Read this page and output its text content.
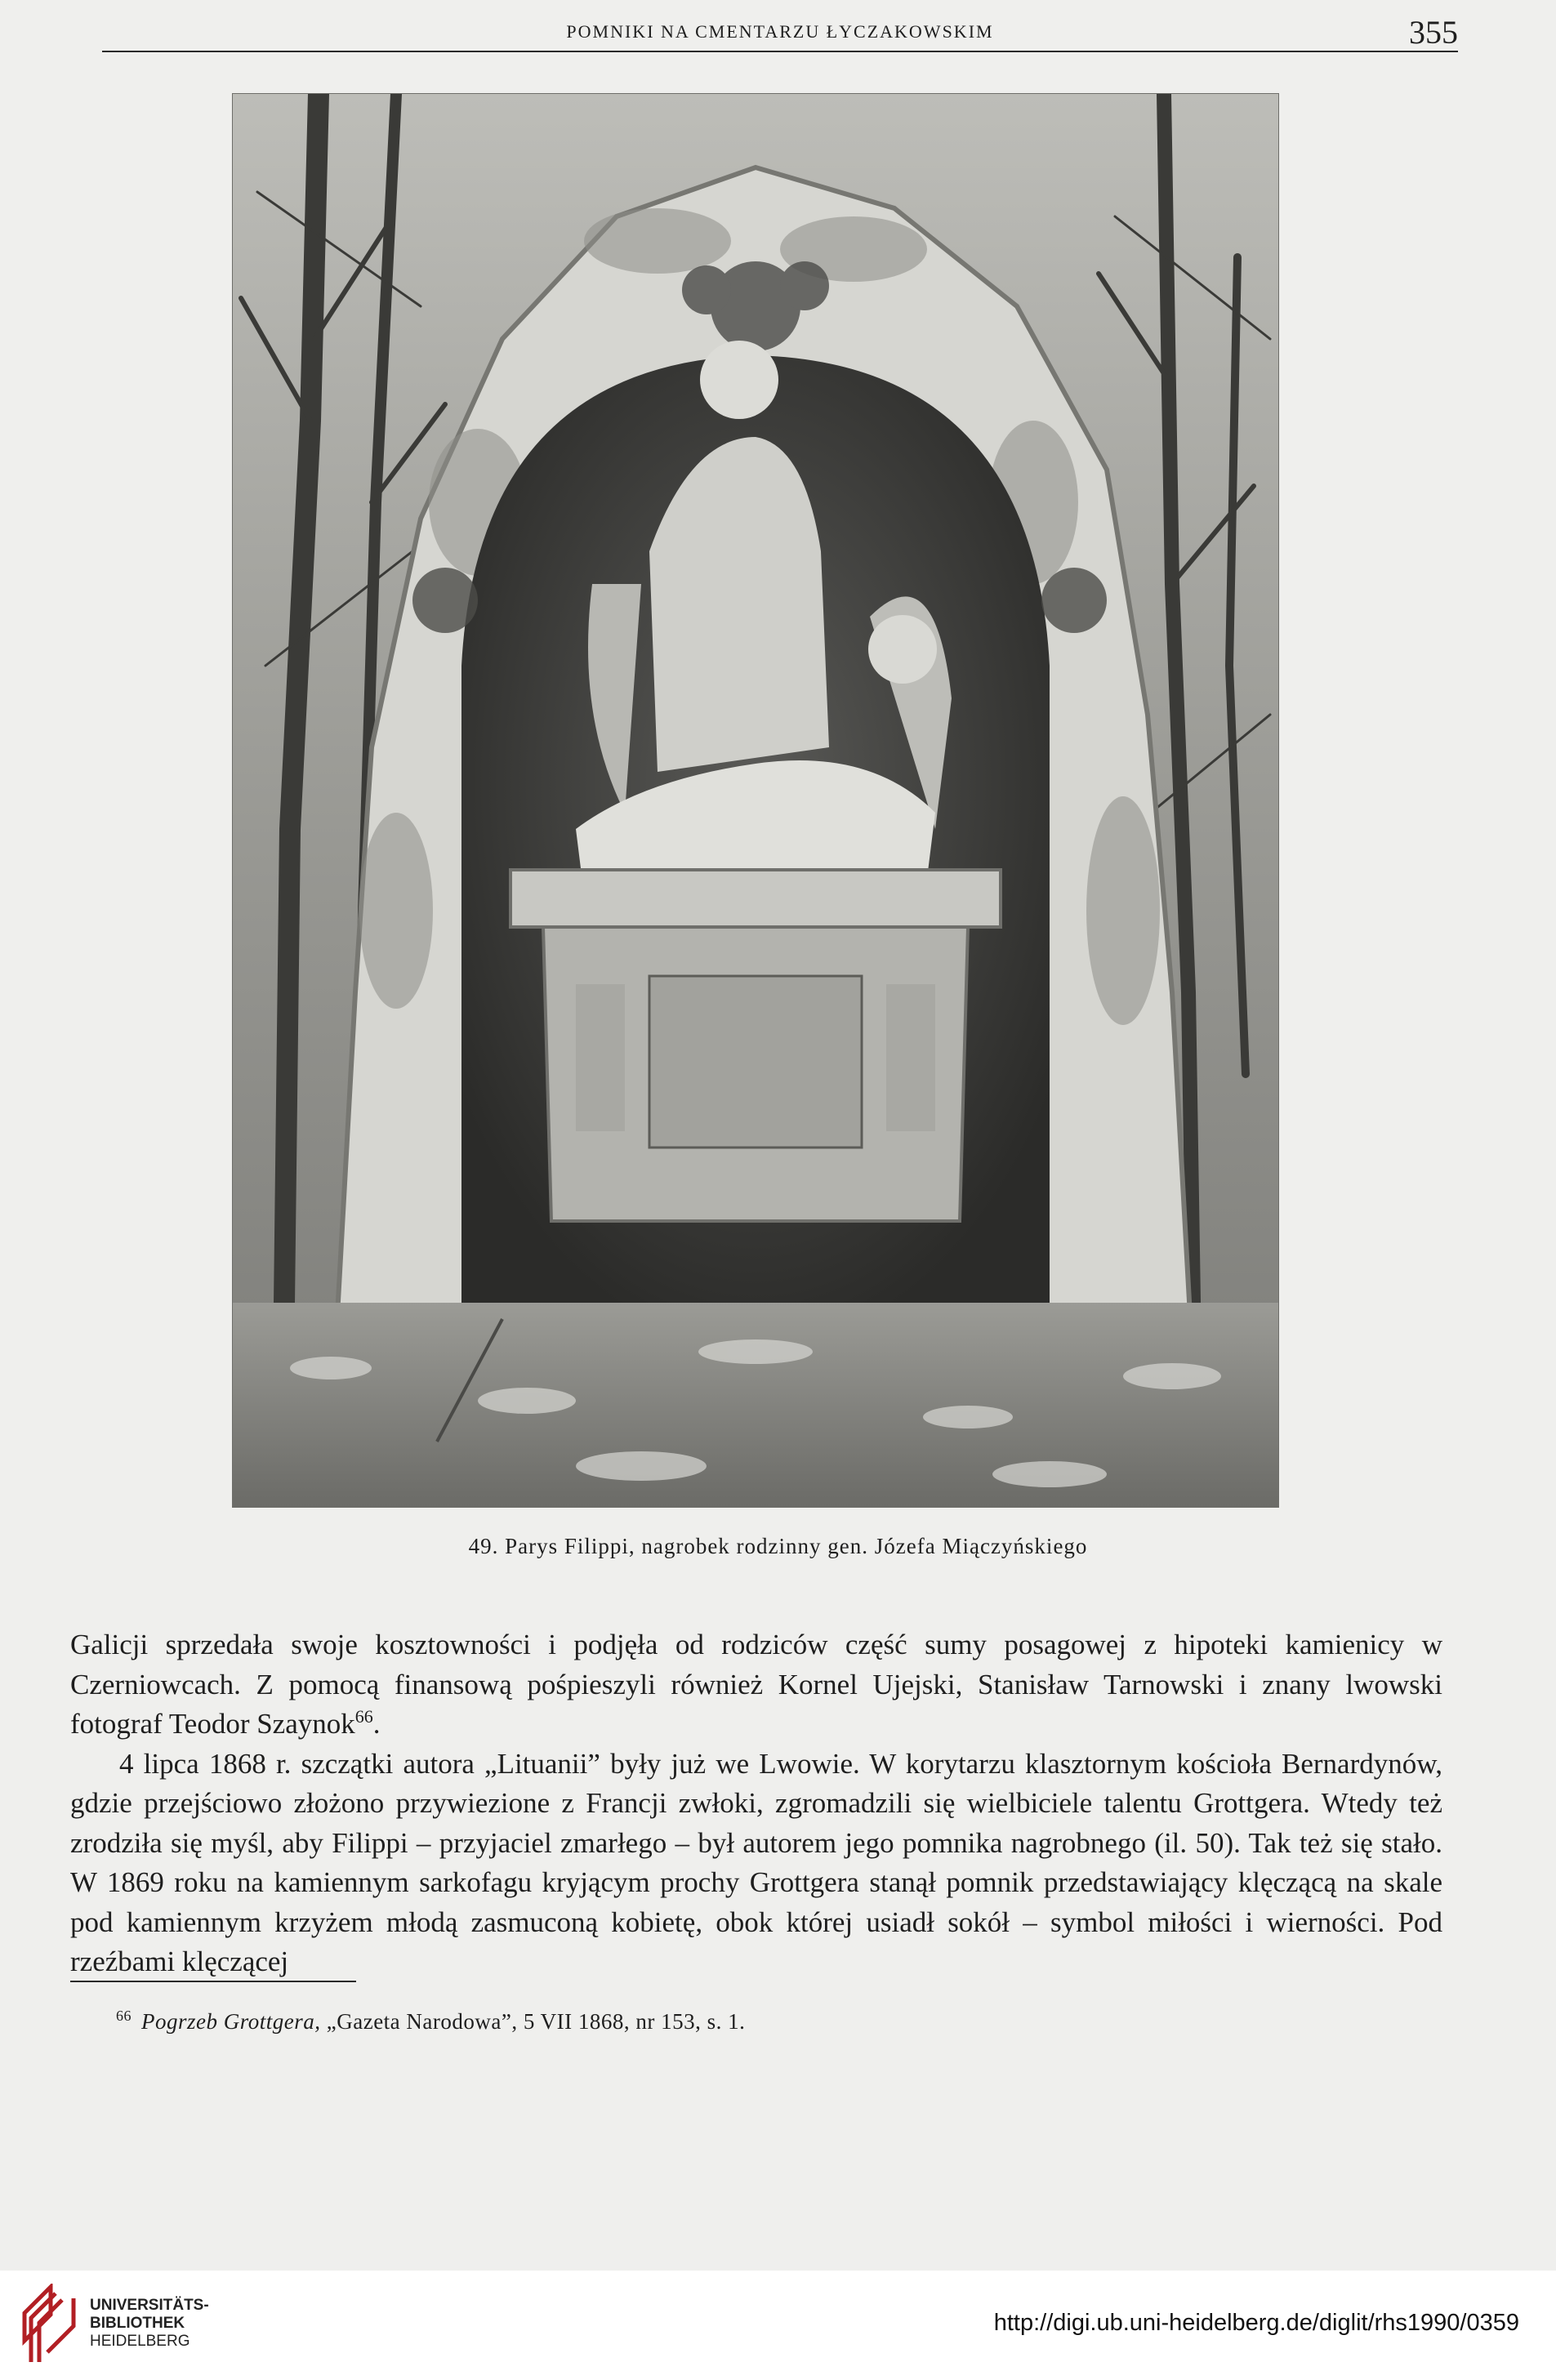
POMNIKI NA CMENTARZU ŁYCZAKOWSKIM	355
49. Parys Filippi, nagrobek rodzinny gen. Józefa Miączyńskiego

Galicji sprzedała swoje kosztowności i podjęła od rodziców część sumy posagowej z hipoteki kamienicy w Czerniowcach. Z pomocą finansową pośpieszyli również Kornel Ujejski, Stanisław Tarnowski i znany lwowski fotograf Teodor Szaynok$^{66}$.

4 lipca 1868 r. szczątki autora „Lituanii” były już we Lwowie. W korytarzu klasztornym kościoła Bernardynów, gdzie przejściowo złożono przywiezione z Francji zwłoki, zgromadzili się wielbiciele talentu Grottgera. Wtedy też zrodziła się myśl, aby Filippi – przyjaciel zmarłego – był autorem jego pomnika nagrobnego (il. 50). Tak też się stało. W 1869 roku na kamiennym sarkofagu kryjącym prochy Grottgera stanął pomnik przedstawiający klęczącą na skale pod kamiennym krzyżem młodą zasmuconą kobietę, obok której usiadł sokół – symbol miłości i wierności. Pod rzeźbami klęczącej

$^{66}$ Pogrzeb Grottgera, „Gazeta Narodowa”, 5 VII 1868, nr 153, s. 1.
UNIVERSITÄTS-
BIBLIOTHEK
HEIDELBERG
http://digi.ub.uni-heidelberg.de/diglit/rhs1990/0359
